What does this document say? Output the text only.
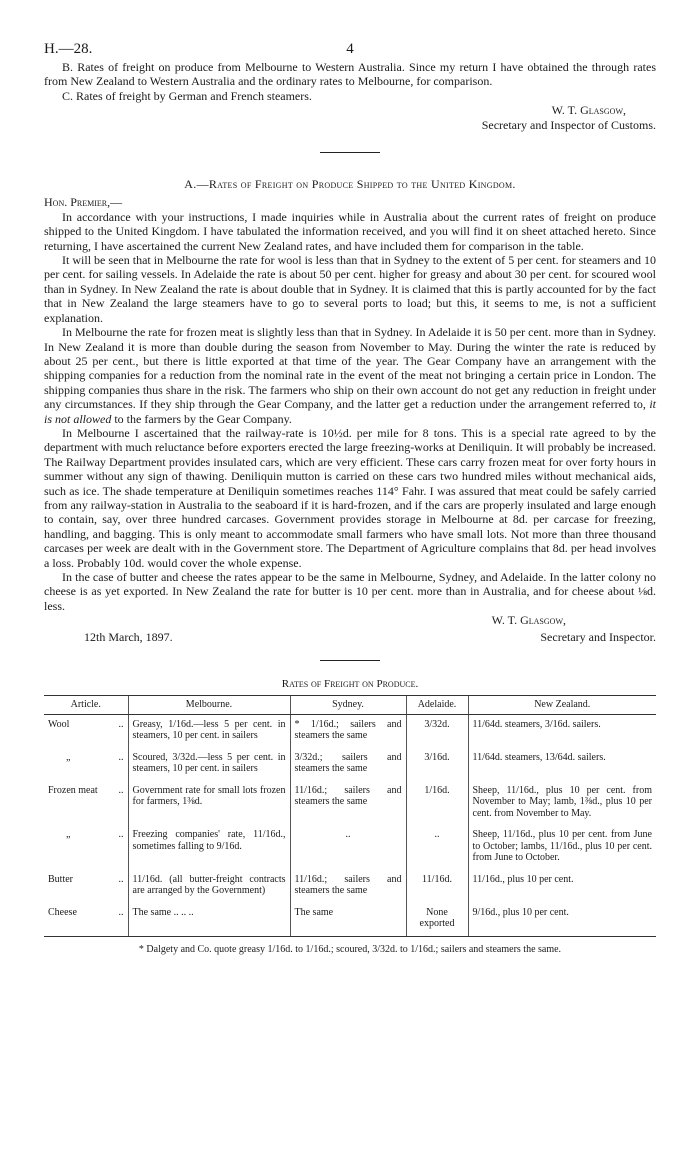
H.—28.	4

B. Rates of freight on produce from Melbourne to Western Australia. Since my return I have obtained the through rates from New Zealand to Western Australia and the ordinary rates to Melbourne, for comparison.

C. Rates of freight by German and French steamers.

W. T. Glasgow,

Secretary and Inspector of Customs.

A.—Rates of Freight on Produce Shipped to the United Kingdom.

Hon. Premier,—

In accordance with your instructions, I made inquiries while in Australia about the current rates of freight on produce shipped to the United Kingdom. I have tabulated the information received, and you will find it on sheet attached hereto. Since returning, I have ascertained the current New Zealand rates, and have included them for comparison in the table.

It will be seen that in Melbourne the rate for wool is less than that in Sydney to the extent of 5 per cent. for steamers and 10 per cent. for sailing vessels. In Adelaide the rate is about 50 per cent. higher for greasy and about 30 per cent. for scoured wool than in Sydney. In New Zealand the rate is about double that in Sydney. It is claimed that this is partly accounted for by the fact that in New Zealand the large steamers have to go to several ports to load; but this, it seems to me, is not a sufficient explanation.

In Melbourne the rate for frozen meat is slightly less than that in Sydney. In Adelaide it is 50 per cent. more than in Sydney. In New Zealand it is more than double during the season from November to May. During the winter the rate is reduced by about 25 per cent., but there is little exported at that time of the year. The Gear Company have an arrangement with the shipping companies for a reduction from the nominal rate in the event of the meat not bringing a certain price in London. The shipping companies thus share in the risk. The farmers who ship on their own account do not get any reduction in freight under any circumstances. If they ship through the Gear Company, and the latter get a reduction under the arrangement referred to, it is not allowed to the farmers by the Gear Company.

In Melbourne I ascertained that the railway-rate is 10½d. per mile for 8 tons. This is a special rate agreed to by the department with much reluctance before exporters erected the large freezing-works at Deniliquin. It will probably be increased. The Railway Department provides insulated cars, which are very efficient. These cars carry frozen meat for over forty hours in summer without any sign of thawing. Deniliquin mutton is carried on these cars two hundred miles without mechanical aids, such as ice. The shade temperature at Deniliquin sometimes reaches 114° Fahr. I was assured that meat could be safely carried from any railway-station in Australia to the seaboard if it is hard-frozen, and if the cars are properly insulated and large enough to contain, say, over three hundred carcases. Government provides storage in Melbourne at 8d. per carcase for freezing, handling, and bagging. This is only meant to accommodate small farmers who have small lots. Not more than three thousand carcases per week are dealt with in the Government store. The Department of Agriculture complains that 8d. per head involves a loss. Probably 10d. would cover the whole expense.

In the case of butter and cheese the rates appear to be the same in Melbourne, Sydney, and Adelaide. In the latter colony no cheese is as yet exported. In New Zealand the rate for butter is 10 per cent. more than in Australia, and for cheese about ⅛d. less.

W. T. Glasgow,

12th March, 1897.	Secretary and Inspector.
Rates of Freight on Produce.
Article.	Melbourne.	Sydney.	Adelaide.	New Zealand.
Wool ..	Greasy, 1/16d.—less 5 per cent. in steamers, 10 per cent. in sailers	* 1/16d.; sailers and steamers the same	3/32d.	11/64d. steamers, 3/16d. sailers.
„ ..	Scoured, 3/32d.—less 5 per cent. in steamers, 10 per cent. in sailers	3/32d.; sailers and steamers the same	3/16d.	11/64d. steamers, 13/64d. sailers.
Frozen meat ..	Government rate for small lots frozen for farmers, 1⅜d.	11/16d.; sailers and steamers the same	1/16d.	Sheep, 11/16d., plus 10 per cent. from November to May; lamb, 1⅜d., plus 10 per cent. from November to May.
„ ..	Freezing companies' rate, 11/16d., sometimes falling to 9/16d.	..	..	Sheep, 11/16d., plus 10 per cent. from June to October; lambs, 11/16d., plus 10 per cent. from June to October.
Butter ..	11/16d. (all butter-freight contracts are arranged by the Government)	11/16d.; sailers and steamers the same	11/16d.	11/16d., plus 10 per cent.
Cheese ..	The same .. .. ..	The same	None exported	9/16d., plus 10 per cent.
* Dalgety and Co. quote greasy 1/16d. to 1/16d.; scoured, 3/32d. to 1/16d.; sailers and steamers the same.
